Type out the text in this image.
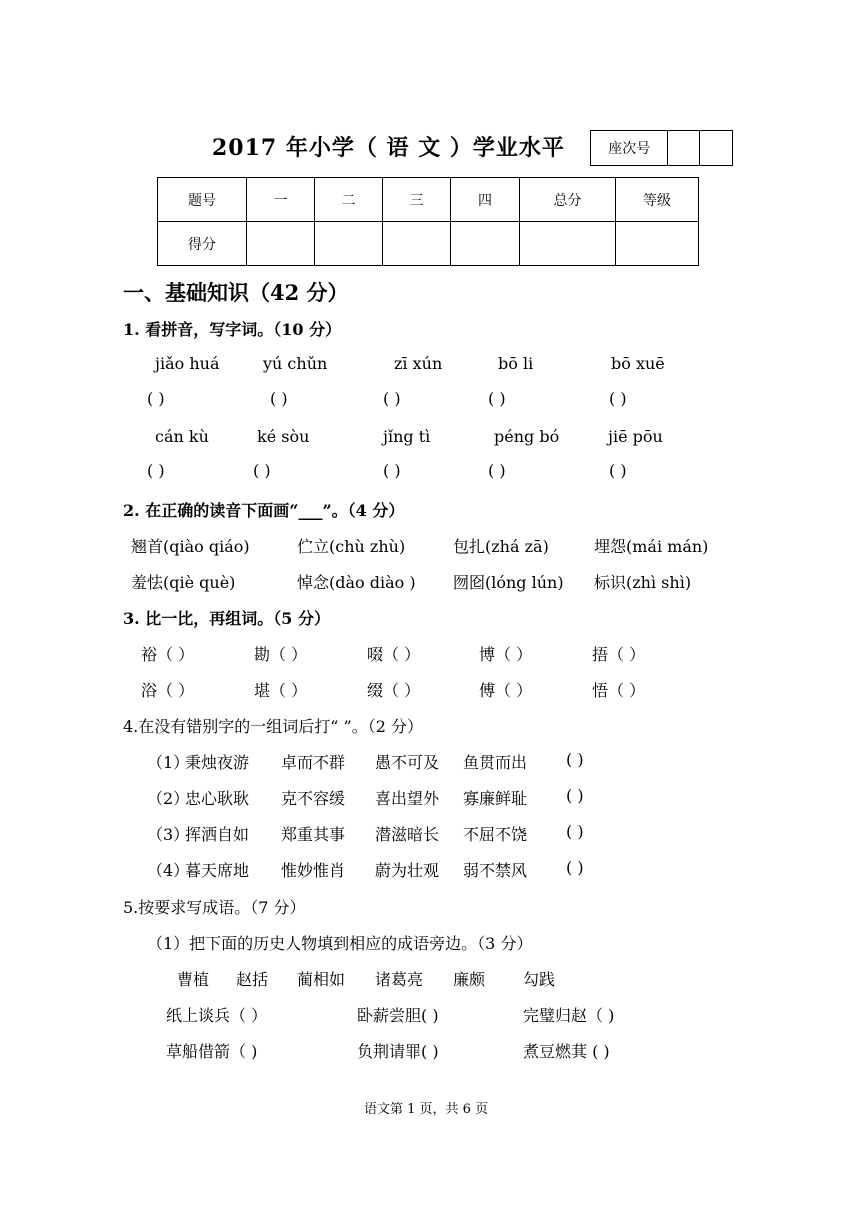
2017 年小学（ 语 文 ）学业水平	座次号
题号	一	二	三	四	总分	等级
得分						
一、基础知识（42 分）
1. 看拼音，写字词。（10 分）
jiǎo huá	yú chǔn	zī xún	bō li	bō xuē
( )	( )	( )	( )	( )
cán kù	ké sòu	jǐng tì	péng bó	jiē pōu
( )	( )	( )	( )	( )
2. 在正确的读音下面画“___”。（4 分）
翘首(qiào qiáo)	伫立(chù zhù)	包扎(zhá zā)	埋怨(mái mán)
羞怯(qiè què)	悼念(dào diào ) 囫囵(lóng lún) 标识(zhì shì)
3. 比一比，再组词。（5 分）
裕（ ）	勘（ ）	啜（ ）	博（ ）	捂（ ）
浴（ ）	堪（ ）	缀（ ）	傅（ ）	悟（ ）
4.在没有错别字的一组词后打“ ”。（2 分）
（1）
秉烛夜游 卓而不群 愚不可及 鱼贯而出 ( )
（2）
忠心耿耿 克不容缓 喜出望外 寡廉鲜耻 ( )
（3）
挥洒自如 郑重其事 潜滋暗长 不屈不饶 ( )
（4）
暮天席地 惟妙惟肖 蔚为壮观 弱不禁风 ( )
5.按要求写成语。（7 分）
（1）把下面的历史人物填到相应的成语旁边。（3 分）
曹植 赵括 蔺相如 诸葛亮 廉颇 勾践
纸上谈兵（ ）	卧薪尝胆( )	完璧归赵（ )
草船借箭（ )	负荆请罪( )	煮豆燃萁 ( )
语文第 1 页，共 6 页
